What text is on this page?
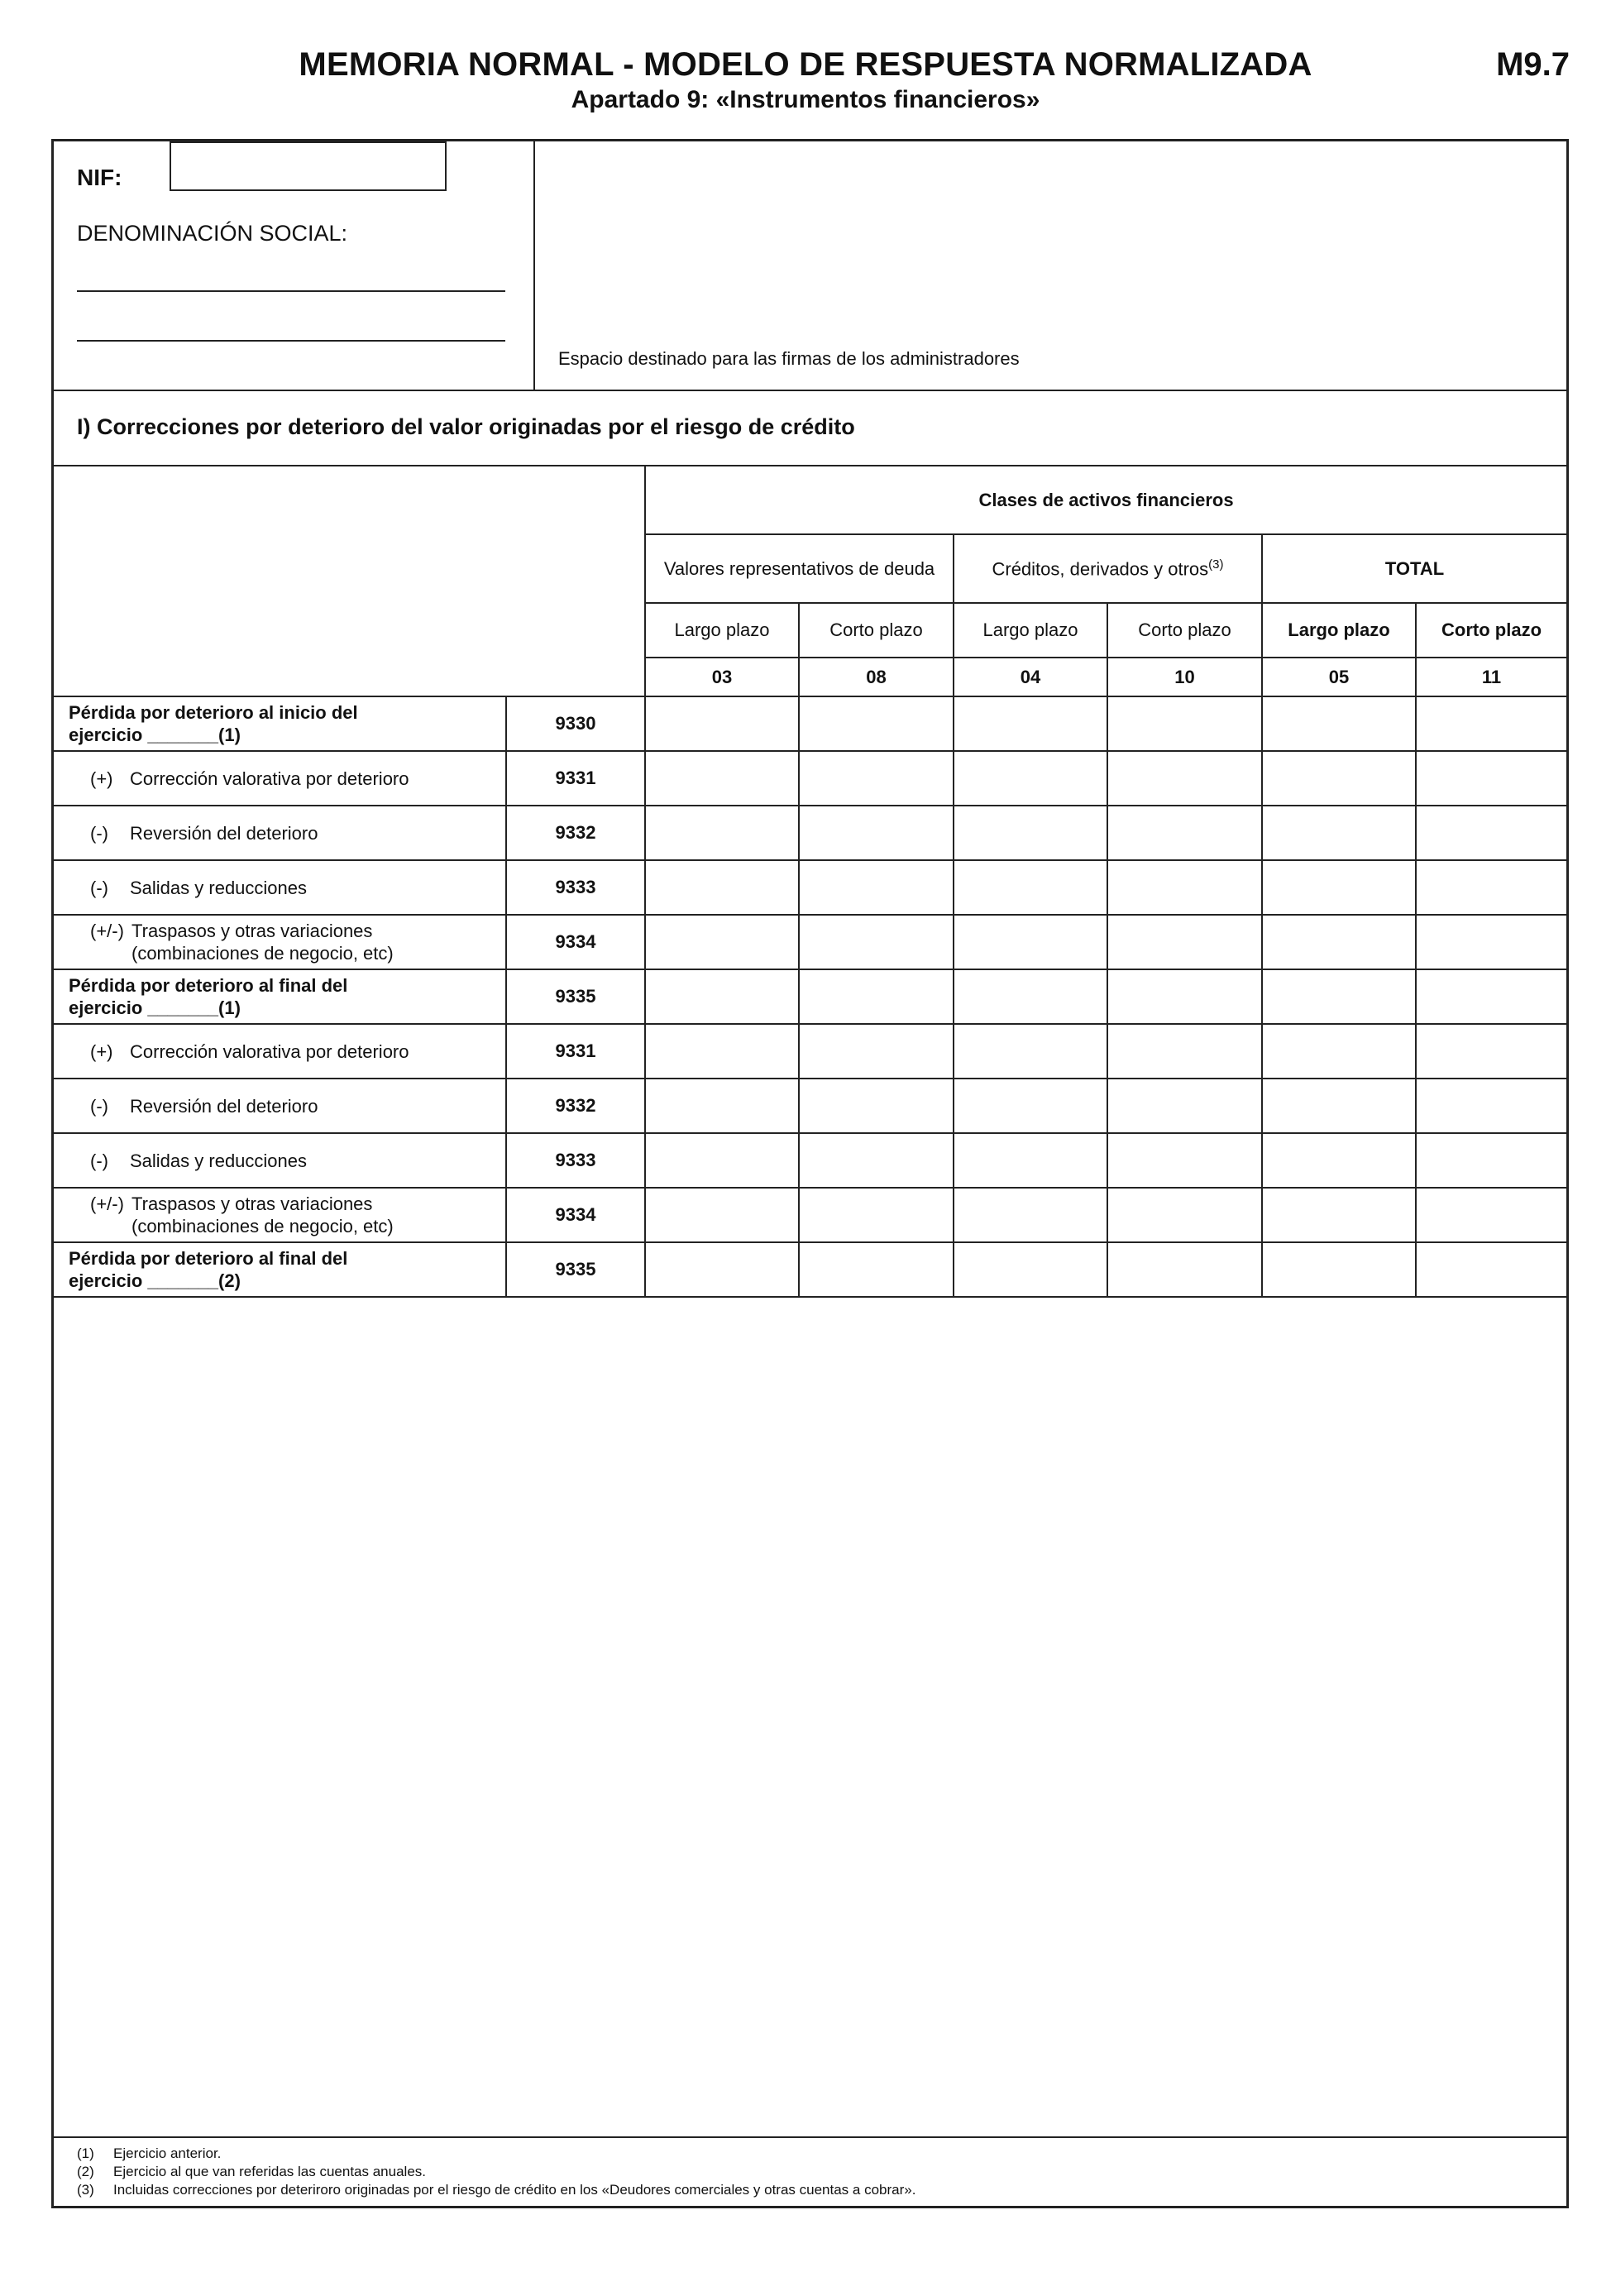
MEMORIA NORMAL - MODELO DE RESPUESTA NORMALIZADA	M9.7
Apartado 9: «Instrumentos financieros»
NIF:
DENOMINACIÓN SOCIAL:
Espacio destinado para las firmas de los administradores
I) Correcciones por deterioro del valor originadas por el riesgo de crédito
		Clases de activos financieros					
		Valores representativos de deuda		Créditos, derivados y otros$^{(3)}$		TOTAL	
		Largo plazo	Corto plazo	Largo plazo	Corto plazo	Largo plazo	Corto plazo
		03	08	04	10	05	11

Pérdida por deterioro al inicio del
ejercicio _______(1)	9330						

(+) Corrección valorativa por deterioro	9331						

(-) Reversión del deterioro	9332						

(-) Salidas y reducciones	9333						

(+/-) Traspasos y otras variaciones
(combinaciones de negocio, etc)	9334						

Pérdida por deterioro al final del
ejercicio _______(1)	9335						

(+) Corrección valorativa por deterioro	9331						

(-) Reversión del deterioro	9332						

(-) Salidas y reducciones	9333						

(+/-) Traspasos y otras variaciones
(combinaciones de negocio, etc)	9334						

Pérdida por deterioro al final del
ejercicio _______(2)	9335						
(1) Ejercicio anterior.
(2) Ejercicio al que van referidas las cuentas anuales.
(3) Incluidas correcciones por deteriroro originadas por el riesgo de crédito en los «Deudores comerciales y otras cuentas a cobrar».
